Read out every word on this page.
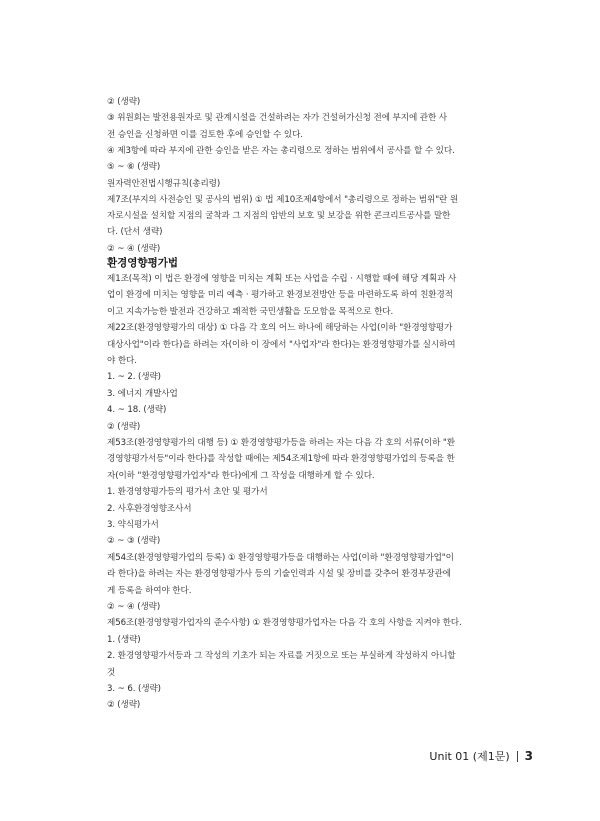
② (생략)
③ 위원회는 발전용원자로 및 관계시설을 건설하려는 자가 건설허가신청 전에 부지에 관한 사
전 승인을 신청하면 이를 검토한 후에 승인할 수 있다.
④ 제3항에 따라 부지에 관한 승인을 받은 자는 총리령으로 정하는 범위에서 공사를 할 수 있다.
⑤ ~ ⑥ (생략)
원자력안전법시행규칙(총리령)
제7조(부지의 사전승인 및 공사의 범위) ① 법 제10조제4항에서 "총리령으로 정하는 범위"란 원
자로시설을 설치할 지점의 굴착과 그 지점의 암반의 보호 및 보강을 위한 콘크리트공사를 말한
다. (단서 생략)
② ~ ④ (생략)
환경영향평가법
제1조(목적) 이 법은 환경에 영향을 미치는 계획 또는 사업을 수립 · 시행할 때에 해당 계획과 사
업이 환경에 미치는 영향을 미리 예측 · 평가하고 환경보전방안 등을 마련하도록 하여 친환경적
이고 지속가능한 발전과 건강하고 쾌적한 국민생활을 도모함을 목적으로 한다.
제22조(환경영향평가의 대상) ① 다음 각 호의 어느 하나에 해당하는 사업(이하 "환경영향평가
대상사업"이라 한다)을 하려는 자(이하 이 장에서 "사업자"라 한다)는 환경영향평가를 실시하여
야 한다.
1. ~ 2. (생략)
3. 에너지 개발사업
4. ~ 18. (생략)
② (생략)
제53조(환경영향평가의 대행 등) ① 환경영향평가등을 하려는 자는 다음 각 호의 서류(이하 "환
경영향평가서등"이라 한다)를 작성할 때에는 제54조제1항에 따라 환경영향평가업의 등록을 한
자(이하 "환경영향평가업자"라 한다)에게 그 작성을 대행하게 할 수 있다.
1. 환경영향평가등의 평가서 초안 및 평가서
2. 사후환경영향조사서
3. 약식평가서
② ~ ③ (생략)
제54조(환경영향평가업의 등록) ① 환경영향평가등을 대행하는 사업(이하 "환경영향평가업"이
라 한다)을 하려는 자는 환경영향평가사 등의 기술인력과 시설 및 장비를 갖추어 환경부장관에
게 등록을 하여야 한다.
② ~ ④ (생략)
제56조(환경영향평가업자의 준수사항) ① 환경영향평가업자는 다음 각 호의 사항을 지켜야 한다.
1. (생략)
2. 환경영향평가서등과 그 작성의 기초가 되는 자료를 거짓으로 또는 부실하게 작성하지 아니할
것
3. ~ 6. (생략)
② (생략)
Unit 01 (제1문) 3
